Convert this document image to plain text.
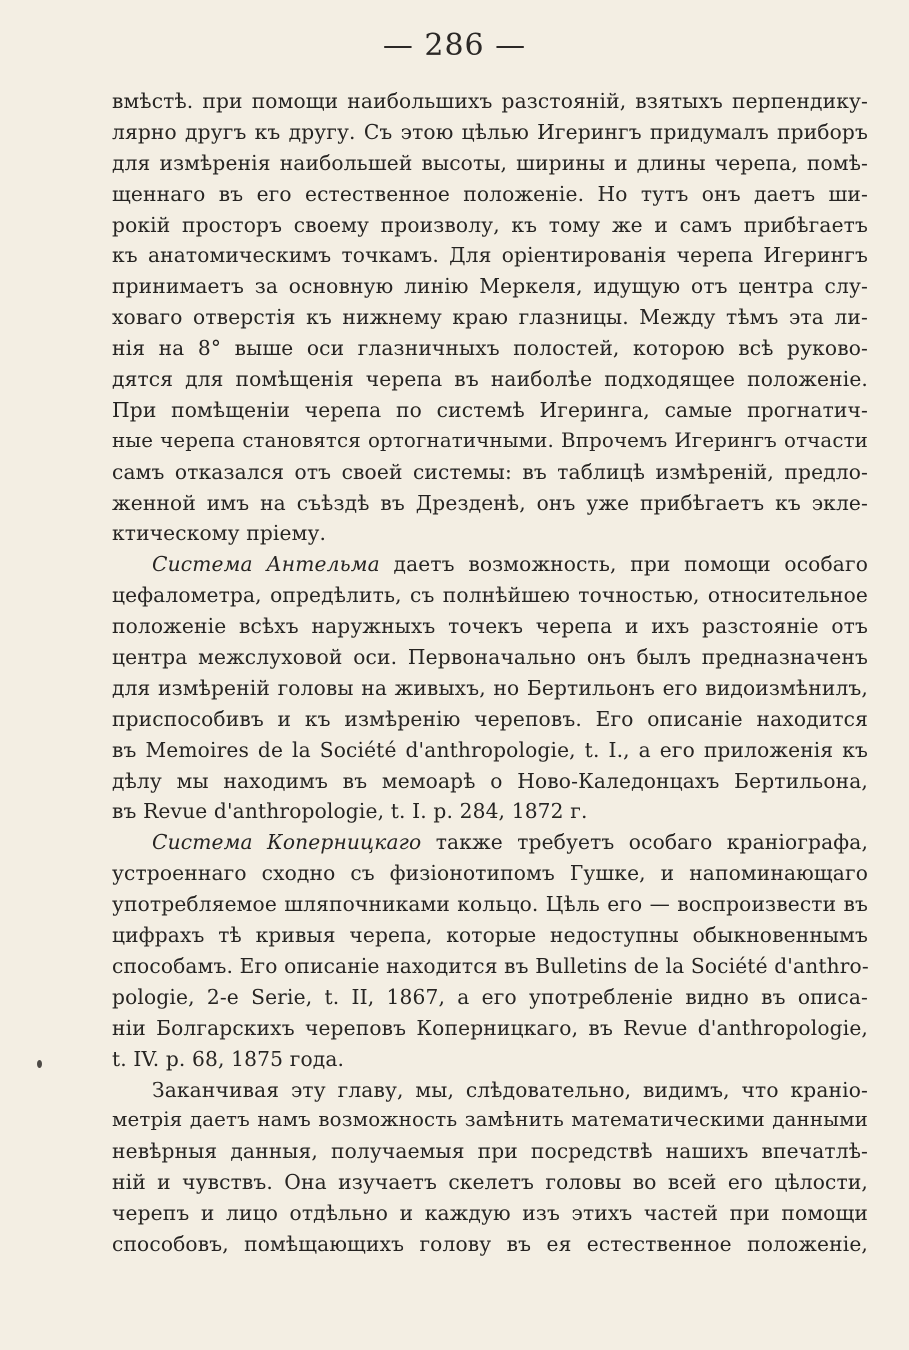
— 286 —
вмѣстѣ. при помощи наибольшихъ разстояній, взятыхъ перпендику-
лярно другъ къ другу. Съ этою цѣлью Игерингъ придумалъ приборъ
для измѣренія наибольшей высоты, ширины и длины черепа, помѣ-
щеннаго въ его естественное положеніе. Но тутъ онъ даетъ ши-
рокій просторъ своему произволу, къ тому же и самъ прибѣгаетъ
къ анатомическимъ точкамъ. Для оріентированія черепа Игерингъ
принимаетъ за основную линію Меркеля, идущую отъ центра слу-
ховаго отверстія къ нижнему краю глазницы. Между тѣмъ эта ли-
нія на 8° выше оси глазничныхъ полостей, которою всѣ руково-
дятся для помѣщенія черепа въ наиболѣе подходящее положеніе.
При помѣщеніи черепа по системѣ Игеринга, самые прогнатич-
ные черепа становятся ортогнатичными. Впрочемъ Игерингъ отчасти
самъ отказался отъ своей системы: въ таблицѣ измѣреній, предло-
женной имъ на съѣздѣ въ Дрезденѣ, онъ уже прибѣгаетъ къ экле-
ктическому пріему.
Система Антельма даетъ возможность, при помощи особаго
цефалометра, опредѣлить, съ полнѣйшею точностью, относительное
положеніе всѣхъ наружныхъ точекъ черепа и ихъ разстояніе отъ
центра межслуховой оси. Первоначально онъ былъ предназначенъ
для измѣреній головы на живыхъ, но Бертильонъ его видоизмѣнилъ,
приспособивъ и къ измѣренію череповъ. Его описаніе находится
въ Memoires de la Société d'anthropologie, t. I., а его приложенія къ
дѣлу мы находимъ въ мемоарѣ о Ново-Каледонцахъ Бертильона,
въ Revue d'anthropologie, t. I. p. 284, 1872 г.
Система Коперницкаго также требуетъ особаго краніографа,
устроеннаго сходно съ физіонотипомъ Гушке, и напоминающаго
употребляемое шляпочниками кольцо. Цѣль его — воспроизвести въ
цифрахъ тѣ кривыя черепа, которые недоступны обыкновеннымъ
способамъ. Его описаніе находится въ Bulletins de la Société d'anthro-
pologie, 2-e Serie, t. II, 1867, а его употребленіе видно въ описа-
ніи Болгарскихъ череповъ Коперницкаго, въ Revue d'anthropologie,
t. IV. p. 68, 1875 года.
Заканчивая эту главу, мы, слѣдовательно, видимъ, что краніо-
метрія даетъ намъ возможность замѣнить математическими данными
невѣрныя данныя, получаемыя при посредствѣ нашихъ впечатлѣ-
ній и чувствъ. Она изучаетъ скелетъ головы во всей его цѣлости,
черепъ и лицо отдѣльно и каждую изъ этихъ частей при помощи
способовъ, помѣщающихъ голову въ ея естественное положеніе,
